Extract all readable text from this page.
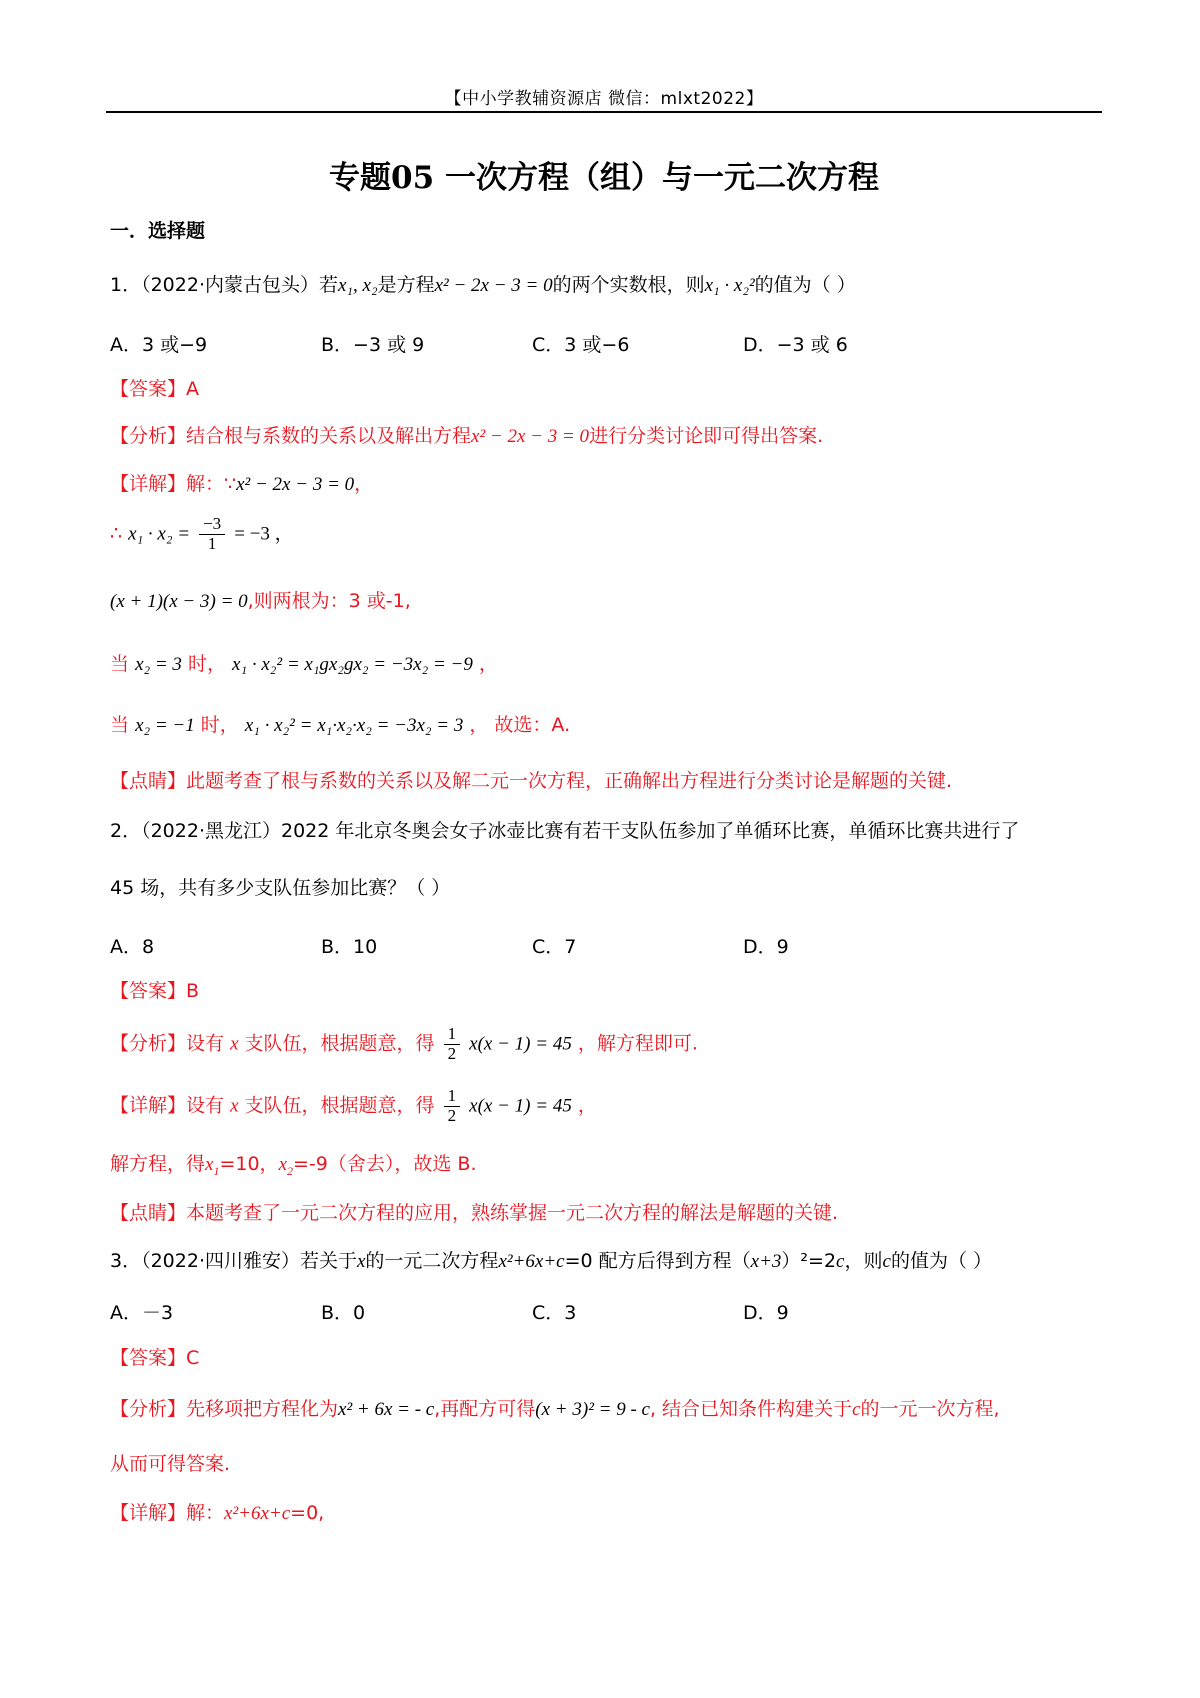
【中小学教辅资源店 微信：mlxt2022】
专题05 一次方程（组）与一元二次方程
一．选择题
1．（2022·内蒙古包头）若x₁, x₂是方程x² − 2x − 3 = 0的两个实数根，则x₁ · x₂²的值为（ ）
A．3 或−9	B．−3 或 9	C．3 或−6	D．−3 或 6
【答案】A
【分析】结合根与系数的关系以及解出方程x² − 2x − 3 = 0进行分类讨论即可得出答案.
【详解】解：∵x² − 2x − 3 = 0，
∴ $x_1 \cdot x_2 = \frac{-3}{1} = -3$ ，
(x + 1)(x − 3) = 0,则两根为：3 或-1,
当 x₂ = 3 时， x₁ · x₂² = x₁gx₂gx₂ = −3x₂ = −9 ，
当 x₂ = −1 时， x₁ · x₂² = x₁·x₂·x₂ = −3x₂ = 3 ， 故选：A.
【点睛】此题考查了根与系数的关系以及解二元一次方程，正确解出方程进行分类讨论是解题的关键.
2．（2022·黑龙江）2022 年北京冬奥会女子冰壶比赛有若干支队伍参加了单循环比赛，单循环比赛共进行了
45 场，共有多少支队伍参加比赛？（ ）
A．8	B．10	C．7	D．9
【答案】B
【分析】设有 x 支队伍，根据题意，得 $\frac{1}{2} x(x - 1) = 45$ ，解方程即可.
【详解】设有 x 支队伍，根据题意，得 $\frac{1}{2} x(x - 1) = 45$ ，
解方程，得$x_1=10$，$x_2=-9$（舍去），故选 B.
【点睛】本题考查了一元二次方程的应用，熟练掌握一元二次方程的解法是解题的关键.
3．（2022·四川雅安）若关于x的一元二次方程x²+6x+c=0 配方后得到方程（x+3）²=2c，则c的值为（ ）
A．－3	B．0	C．3	D．9
【答案】C
【分析】先移项把方程化为x² + 6x = - c,再配方可得(x + 3)² = 9 - c, 结合已知条件构建关于c的一元一次方程,
从而可得答案.
【详解】解：x²+6x+c=0,
